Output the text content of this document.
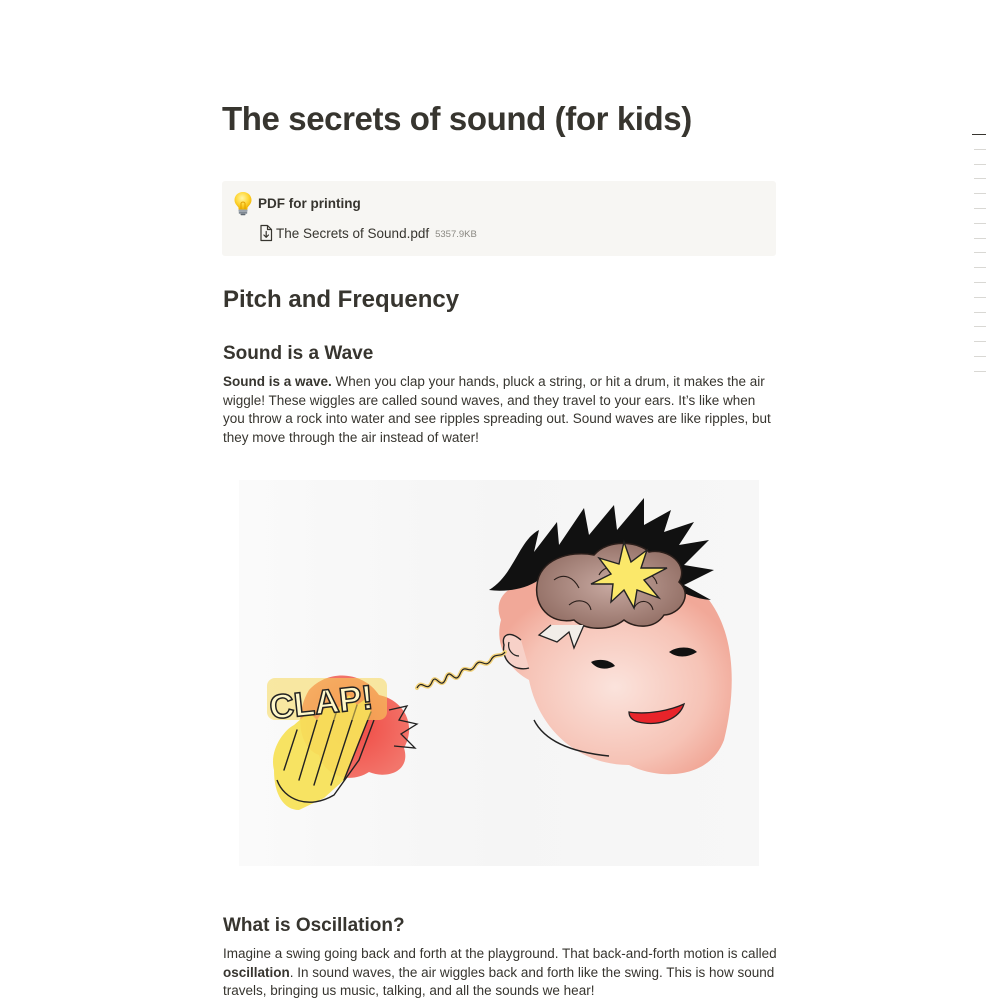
The secrets of sound (for kids)
PDF for printing
The Secrets of Sound.pdf 5357.9KB
Pitch and Frequency
Sound is a Wave

Sound is a wave. When you clap your hands, pluck a string, or hit a drum, it makes the air wiggle! These wiggles are called sound waves, and they travel to your ears. It’s like when you throw a rock into water and see ripples spreading out. Sound waves are like ripples, but they move through the air instead of water!

CLAP!
What is Oscillation?

Imagine a swing going back and forth at the playground. That back-and-forth motion is called oscillation. In sound waves, the air wiggles back and forth like the swing. This is how sound travels, bringing us music, talking, and all the sounds we hear!
